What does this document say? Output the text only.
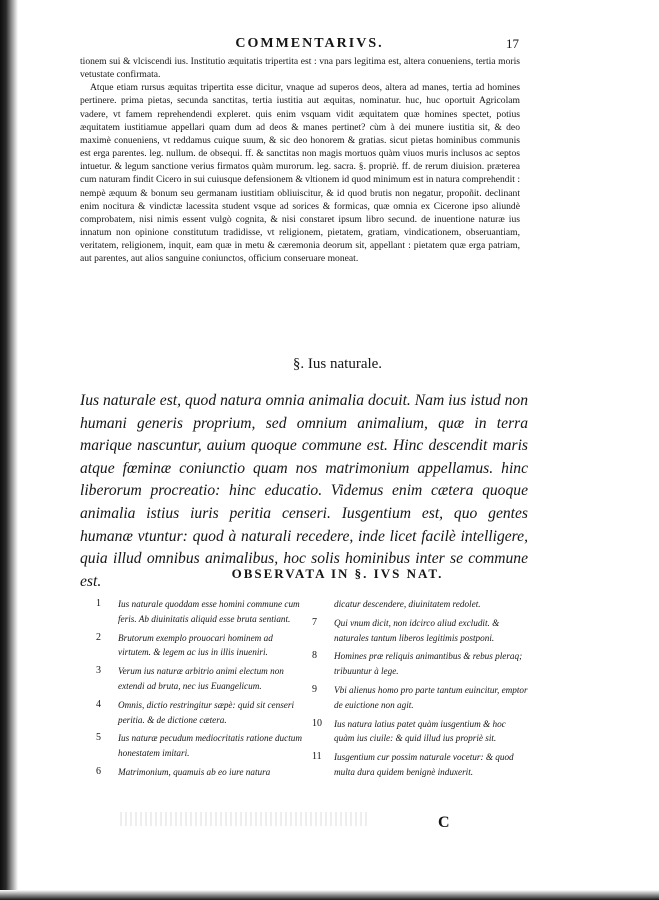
COMMENTARIVS.	17

tionem sui & vlciscendi ius. Institutio æquitatis tripertita est : vna pars legitima est, altera conueniens, tertia moris vetustate confirmata.

Atque etiam rursus æquitas tripertita esse dicitur, vnaque ad superos deos, altera ad manes, tertia ad homines pertinere. prima pietas, secunda sanctitas, tertia iustitia aut æquitas, nominatur. huc, huc oportuit Agricolam vadere, vt famem reprehendendi expleret. quis enim vsquam vidit æquitatem quæ homines spectet, potius æquitatem iustitiamue appellari quam dum ad deos & manes pertinet? cùm à dei munere iustitia sit, & deo maximè conueniens, vt reddamus cuique suum, & sic deo honorem & gratias. sicut pietas hominibus communis est erga parentes. leg. nullum. de obsequi. ff. & sanctitas non magis mortuos quàm viuos muris inclusos ac septos intuetur. & legum sanctione verius firmatos quàm murorum. leg. sacra. §. propriè. ff. de rerum diuision. præterea cum naturam findit Cicero in sui cuiusque defensionem & vltionem id quod minimum est in natura comprehendit : nempè æquum & bonum seu germanam iustitiam obliuiscitur, & id quod brutis non negatur, propoñit. declinant enim nocitura & vindictæ lacessita student vsque ad sorices & formicas, quæ omnia ex Cicerone ipso aliundè comprobatem, nisi nimis essent vulgò cognita, & nisi constaret ipsum libro secund. de inuentione naturæ ius innatum non opinione constitutum tradidisse, vt religionem, pietatem, gratiam, vindicationem, obseruantiam, veritatem, religionem, inquit, eam quæ in metu & cæremonia deorum sit, appellant : pietatem quæ erga patriam, aut parentes, aut alios sanguine coniunctos, officium conseruare moneat.

§. Ius naturale.
Ius naturale est, quod natura omnia animalia docuit. Nam ius istud non humani generis proprium, sed omnium animalium, quæ in terra marique nascuntur, auium quoque commune est. Hinc descendit maris atque fœminæ coniunctio quam nos matrimonium appellamus. hinc liberorum procreatio: hinc educatio. Videmus enim cætera quoque animalia istius iuris peritia censeri. Iusgentium est, quo gentes humanæ vtuntur: quod à naturali recedere, inde licet facilè intelligere, quia illud omnibus animalibus, hoc solis hominibus inter se commune est.	OBSERVATA IN §. IVS NAT.
1	Ius naturale quoddam esse homini commune cum feris. Ab diuinitatis aliquid esse bruta sentiant.
2	Brutorum exemplo prouocari hominem ad virtutem. & legem ac ius in illis inueniri.
3	Verum ius naturæ arbitrio animi electum non extendi ad bruta, nec ius Euangelicum.
4	Omnis, dictio restringitur sæpè: quid sit censeri peritia. & de dictione cætera.
5	Ius naturæ pecudum mediocritatis ratione ductum honestatem imitari.
6	Matrimonium, quamuis ab eo iure natura
dicatur descendere, diuinitatem redolet.
7	Qui vnum dicit, non idcirco aliud excludit. & naturales tantum liberos legitimis postponi.
8	Homines præ reliquis animantibus & rebus pleraq; tribuuntur à lege.
9	Vbi alienus homo pro parte tantum euincitur, emptor de euictione non agit.
10	Ius natura latius patet quàm iusgentium & hoc quàm ius ciuile: & quid illud ius propriè sit.
11	Iusgentium cur possim naturale vocetur: & quod multa dura quidem benignè induxerit.
C
